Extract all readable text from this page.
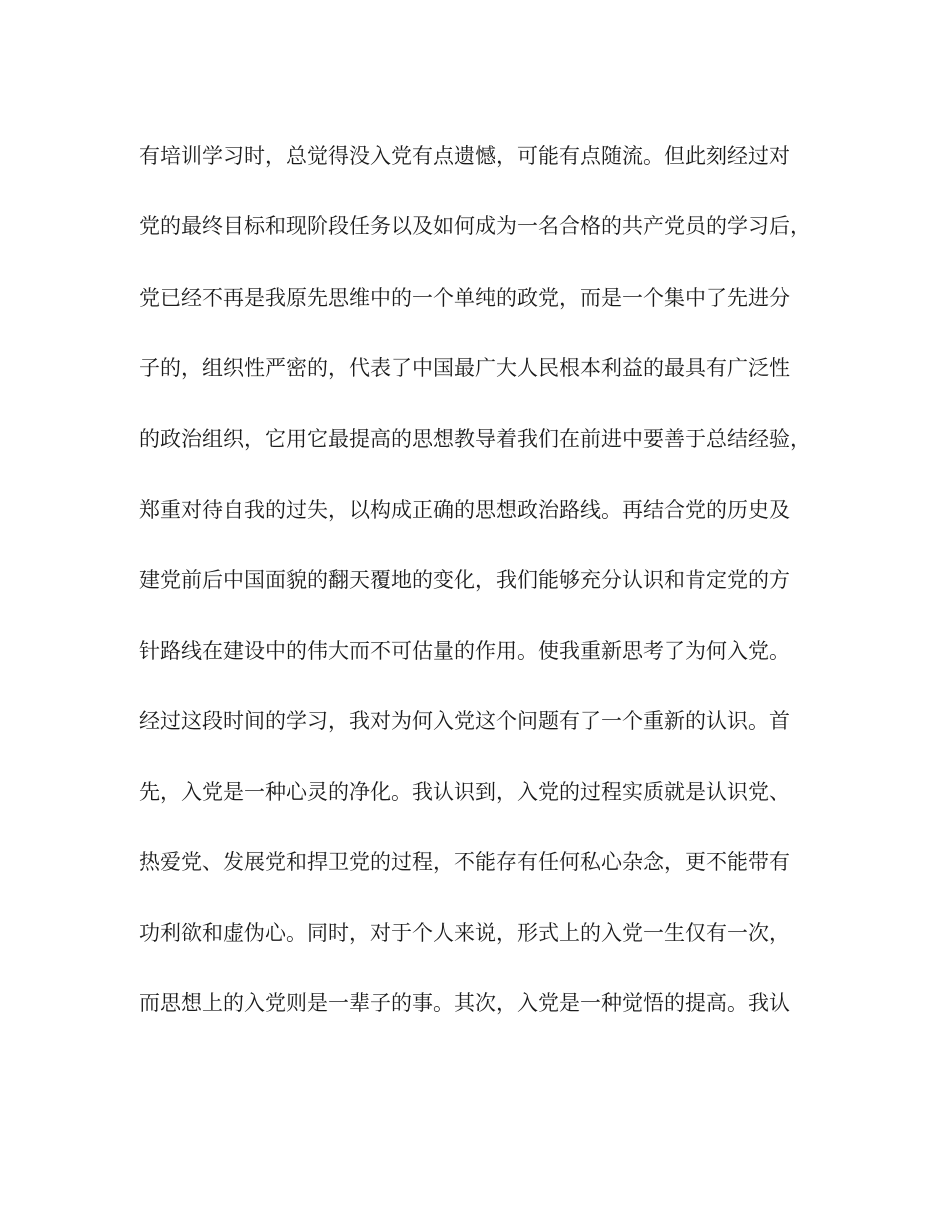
有培训学习时，总觉得没入党有点遗憾，可能有点随流。但此刻经过对

党的最终目标和现阶段任务以及如何成为一名合格的共产党员的学习后，

党已经不再是我原先思维中的一个单纯的政党，而是一个集中了先进分

子的，组织性严密的，代表了中国最广大人民根本利益的最具有广泛性

的政治组织，它用它最提高的思想教导着我们在前进中要善于总结经验，

郑重对待自我的过失，以构成正确的思想政治路线。再结合党的历史及

建党前后中国面貌的翻天覆地的变化，我们能够充分认识和肯定党的方

针路线在建设中的伟大而不可估量的作用。使我重新思考了为何入党。

经过这段时间的学习，我对为何入党这个问题有了一个重新的认识。首

先，入党是一种心灵的净化。我认识到，入党的过程实质就是认识党、

热爱党、发展党和捍卫党的过程，不能存有任何私心杂念，更不能带有

功利欲和虚伪心。同时，对于个人来说，形式上的入党一生仅有一次，

而思想上的入党则是一辈子的事。其次，入党是一种觉悟的提高。我认
